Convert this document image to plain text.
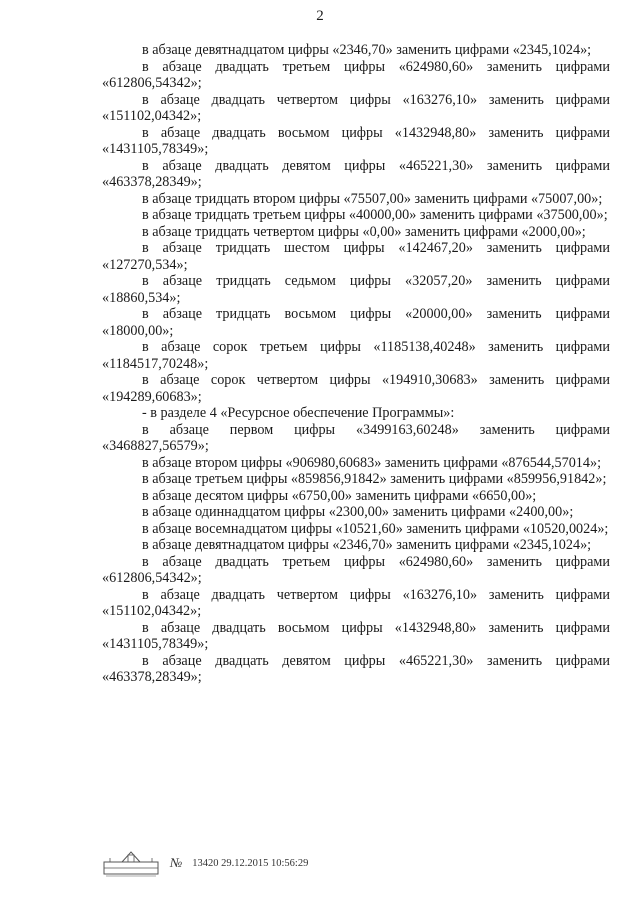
2

в абзаце девятнадцатом цифры «2346,70» заменить цифрами «2345,1024»;

в абзаце двадцать третьем цифры «624980,60» заменить цифрами «612806,54342»;

в абзаце двадцать четвертом цифры «163276,10» заменить цифрами «151102,04342»;

в абзаце двадцать восьмом цифры «1432948,80» заменить цифрами «1431105,78349»;

в абзаце двадцать девятом цифры «465221,30» заменить цифрами «463378,28349»;

в абзаце тридцать втором цифры «75507,00» заменить цифрами «75007,00»;

в абзаце тридцать третьем цифры «40000,00» заменить цифрами «37500,00»;

в абзаце тридцать четвертом цифры «0,00» заменить цифрами «2000,00»;

в абзаце тридцать шестом цифры «142467,20» заменить цифрами «127270,534»;

в абзаце тридцать седьмом цифры «32057,20» заменить цифрами «18860,534»;

в абзаце тридцать восьмом цифры «20000,00» заменить цифрами «18000,00»;

в абзаце сорок третьем цифры «1185138,40248» заменить цифрами «1184517,70248»;

в абзаце сорок четвертом цифры «194910,30683» заменить цифрами «194289,60683»;

- в разделе 4 «Ресурсное обеспечение Программы»:

в абзаце первом цифры «3499163,60248» заменить цифрами «3468827,56579»;

в абзаце втором цифры «906980,60683» заменить цифрами «876544,57014»;

в абзаце третьем цифры «859856,91842» заменить цифрами «859956,91842»;

в абзаце десятом цифры «6750,00» заменить цифрами «6650,00»;

в абзаце одиннадцатом цифры «2300,00» заменить цифрами «2400,00»;

в абзаце восемнадцатом цифры «10521,60» заменить цифрами «10520,0024»;

в абзаце девятнадцатом цифры «2346,70» заменить цифрами «2345,1024»;

в абзаце двадцать третьем цифры «624980,60» заменить цифрами «612806,54342»;

в абзаце двадцать четвертом цифры «163276,10» заменить цифрами «151102,04342»;

в абзаце двадцать восьмом цифры «1432948,80» заменить цифрами «1431105,78349»;

в абзаце двадцать девятом цифры «465221,30» заменить цифрами «463378,28349»;

№ 13420 29.12.2015 10:56:29
